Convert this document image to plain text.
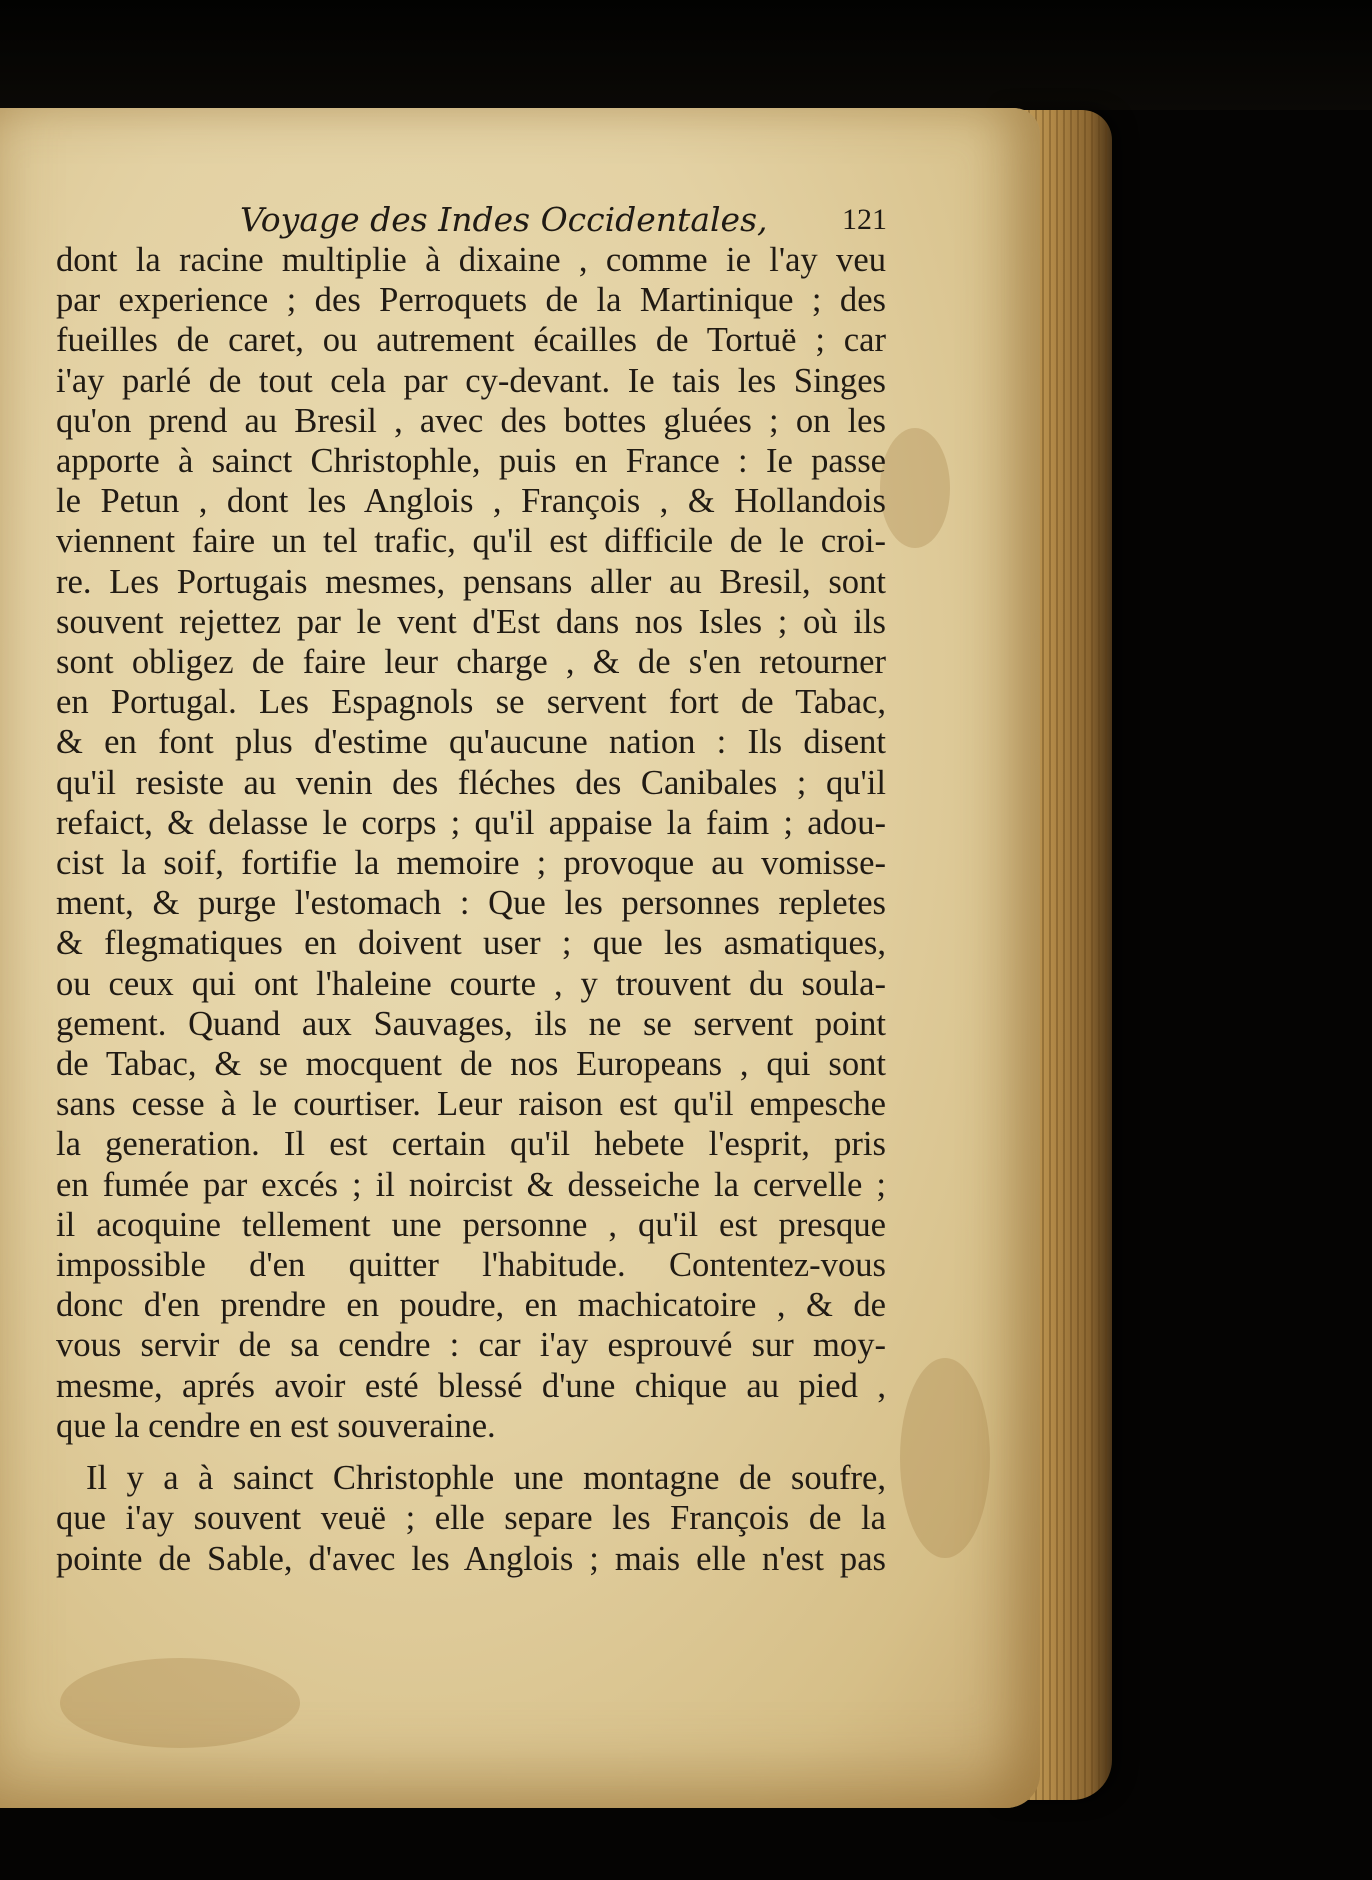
Voyage des Indes Occidentales,	121
dont la racine multiplie à dixaine , comme ie l'ay veu
par experience ; des Perroquets de la Martinique ; des
fueilles de caret, ou autrement écailles de Tortuë ; car
i'ay parlé de tout cela par cy-devant. Ie tais les Singes
qu'on prend au Bresil , avec des bottes gluées ; on les
apporte à sainct Christophle, puis en France : Ie passe
le Petun , dont les Anglois , François , & Hollandois
viennent faire un tel trafic, qu'il est difficile de le croi-
re. Les Portugais mesmes, pensans aller au Bresil, sont
souvent rejettez par le vent d'Est dans nos Isles ; où ils
sont obligez de faire leur charge , & de s'en retourner
en Portugal. Les Espagnols se servent fort de Tabac,
& en font plus d'estime qu'aucune nation : Ils disent
qu'il resiste au venin des fléches des Canibales ; qu'il
refaict, & delasse le corps ; qu'il appaise la faim ; adou-
cist la soif, fortifie la memoire ; provoque au vomisse-
ment, & purge l'estomach : Que les personnes repletes
& flegmatiques en doivent user ; que les asmatiques,
ou ceux qui ont l'haleine courte , y trouvent du soula-
gement. Quand aux Sauvages, ils ne se servent point
de Tabac, & se mocquent de nos Europeans , qui sont
sans cesse à le courtiser. Leur raison est qu'il empesche
la generation. Il est certain qu'il hebete l'esprit, pris
en fumée par excés ; il noircist & desseiche la cervelle ;
il acoquine tellement une personne , qu'il est presque
impossible d'en quitter l'habitude. Contentez-vous
donc d'en prendre en poudre, en machicatoire , & de
vous servir de sa cendre : car i'ay esprouvé sur moy-
mesme, aprés avoir esté blessé d'une chique au pied ,
que la cendre en est souveraine.
Il y a à sainct Christophle une montagne de soufre,
que i'ay souvent veuë ; elle separe les François de la
pointe de Sable, d'avec les Anglois ; mais elle n'est pas
